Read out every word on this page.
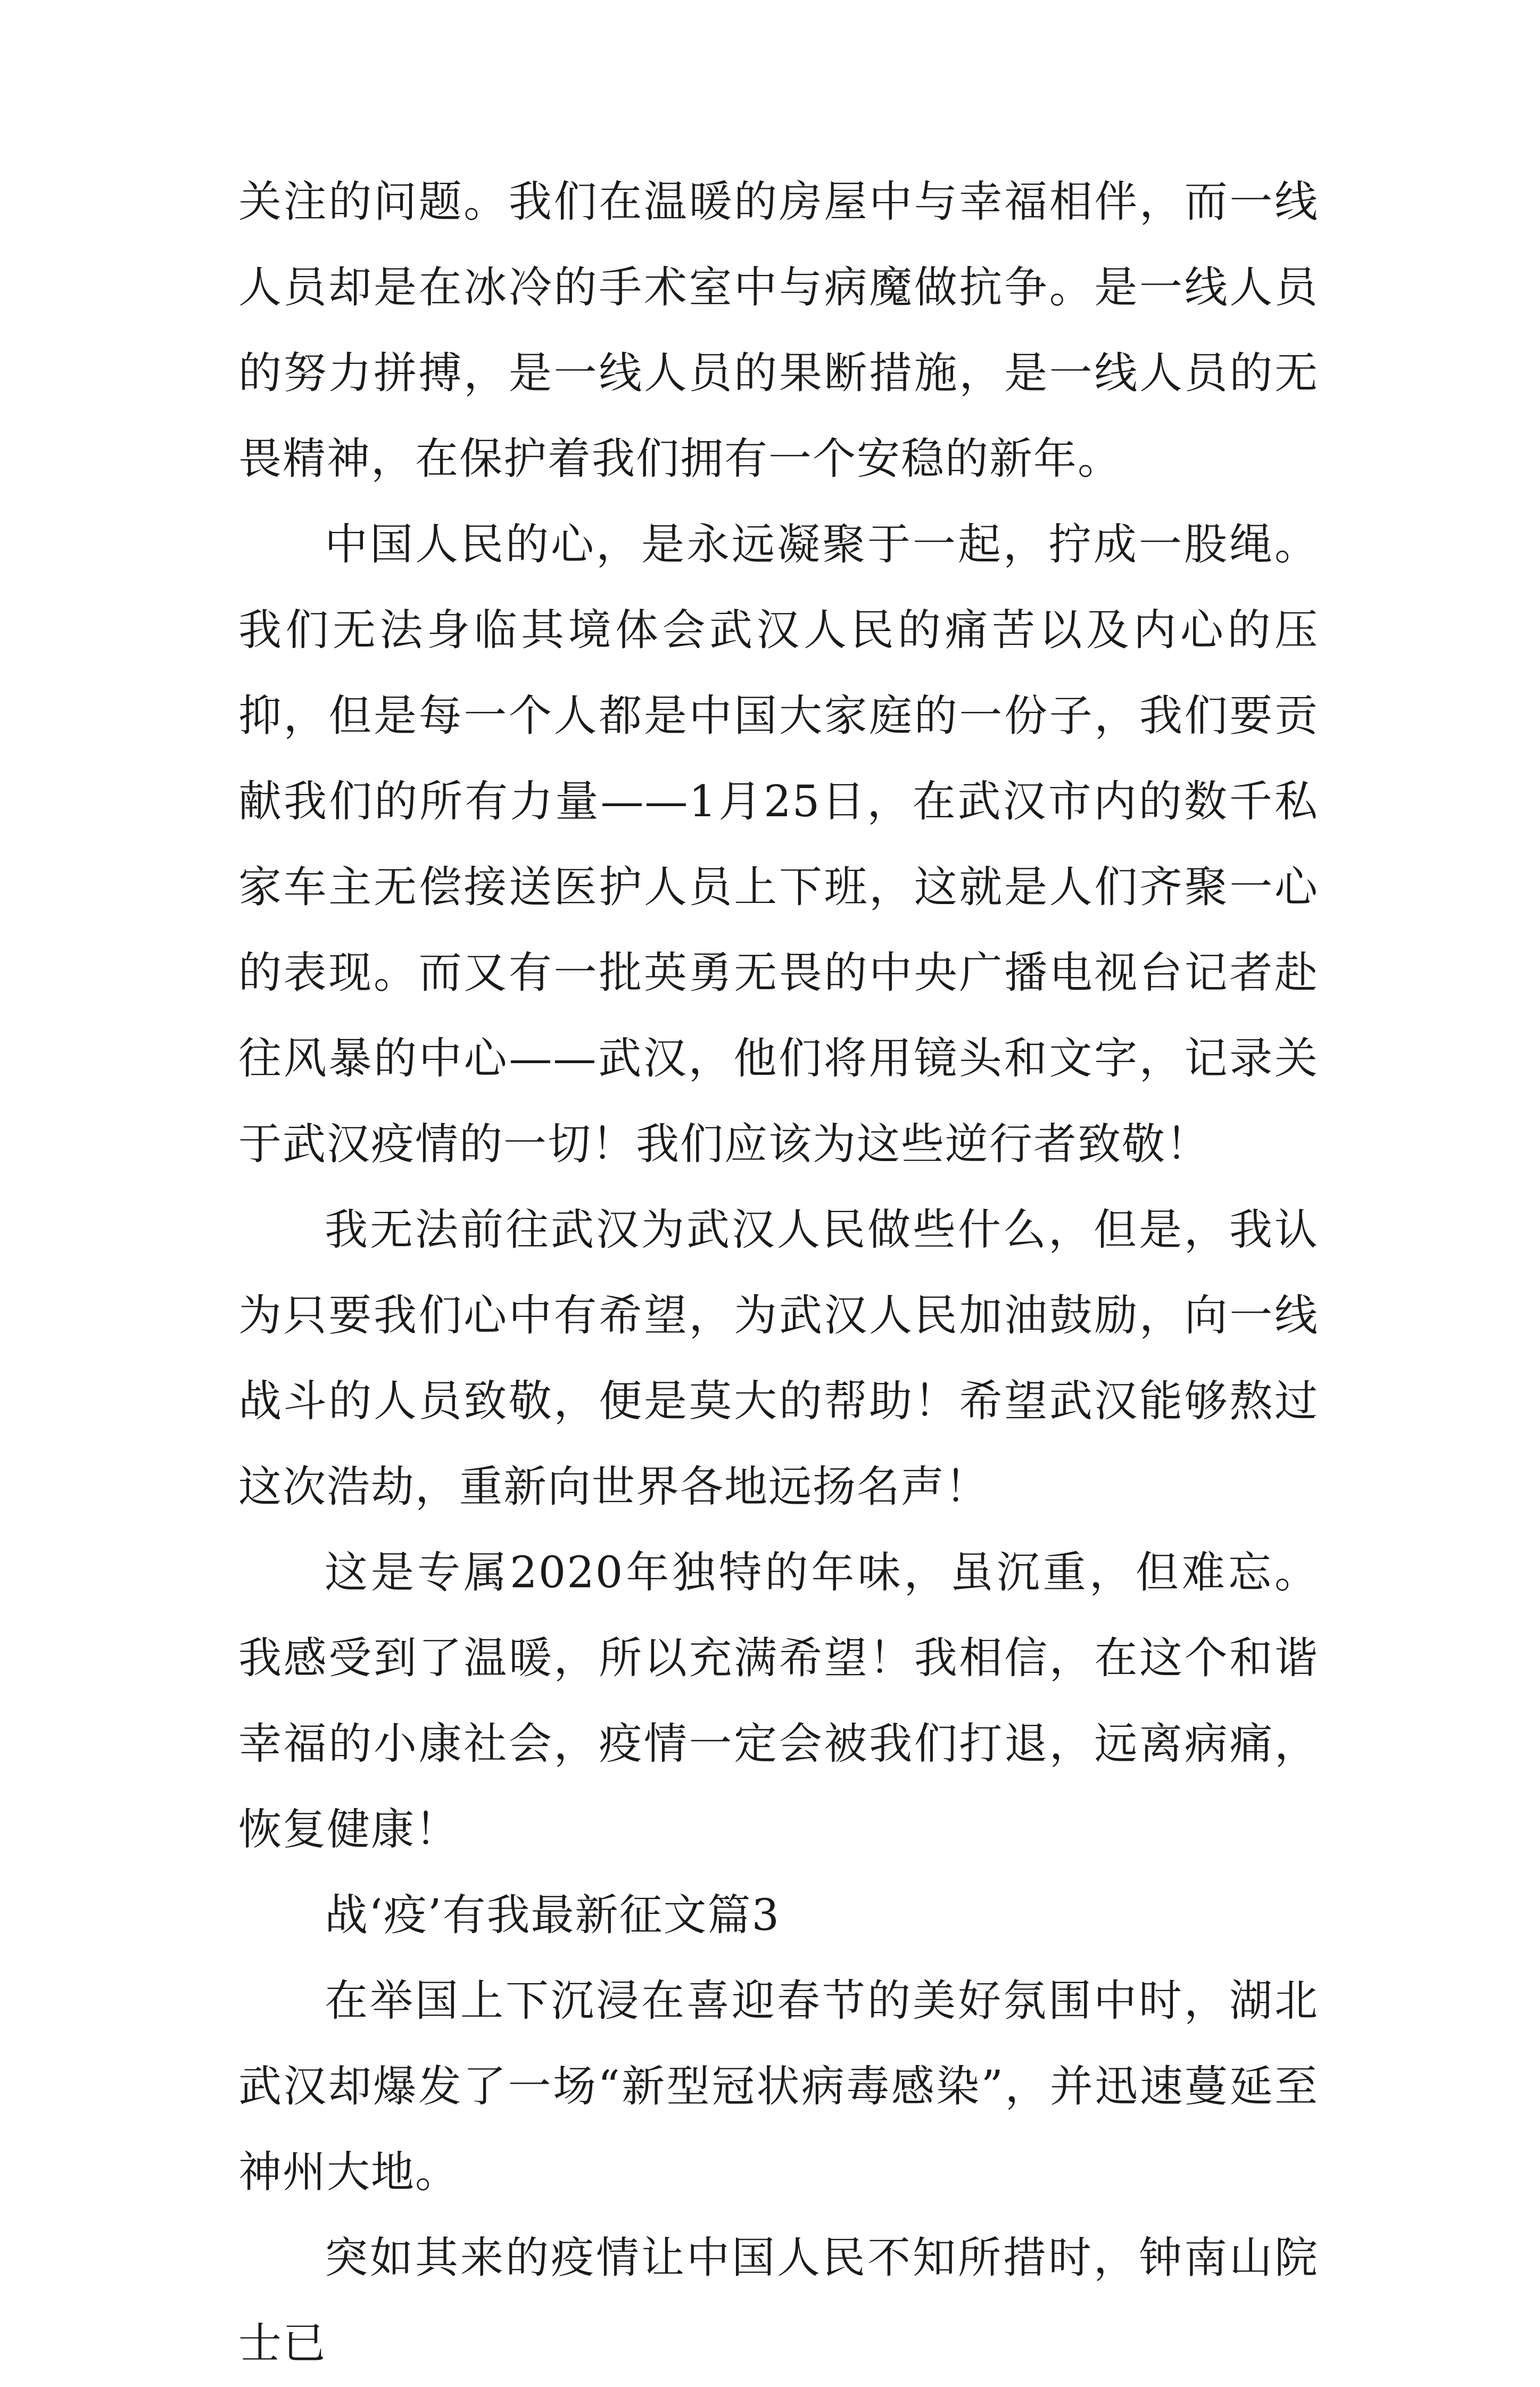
关注的问题。我们在温暖的房屋中与幸福相伴，而一线人员却是在冰冷的手术室中与病魔做抗争。是一线人员的努力拼搏，是一线人员的果断措施，是一线人员的无畏精神，在保护着我们拥有一个安稳的新年。

中国人民的心，是永远凝聚于一起，拧成一股绳。我们无法身临其境体会武汉人民的痛苦以及内心的压抑，但是每一个人都是中国大家庭的一份子，我们要贡献我们的所有力量——1月25日，在武汉市内的数千私家车主无偿接送医护人员上下班，这就是人们齐聚一心的表现。而又有一批英勇无畏的中央广播电视台记者赴往风暴的中心——武汉，他们将用镜头和文字，记录关于武汉疫情的一切！我们应该为这些逆行者致敬！

我无法前往武汉为武汉人民做些什么，但是，我认为只要我们心中有希望，为武汉人民加油鼓励，向一线战斗的人员致敬，便是莫大的帮助！希望武汉能够熬过这次浩劫，重新向世界各地远扬名声！

这是专属2020年独特的年味，虽沉重，但难忘。我感受到了温暖，所以充满希望！我相信，在这个和谐幸福的小康社会，疫情一定会被我们打退，远离病痛，恢复健康！

战‘疫’有我最新征文篇3

在举国上下沉浸在喜迎春节的美好氛围中时，湖北武汉却爆发了一场“新型冠状病毒感染”，并迅速蔓延至神州大地。

突如其来的疫情让中国人民不知所措时，钟南山院士已
